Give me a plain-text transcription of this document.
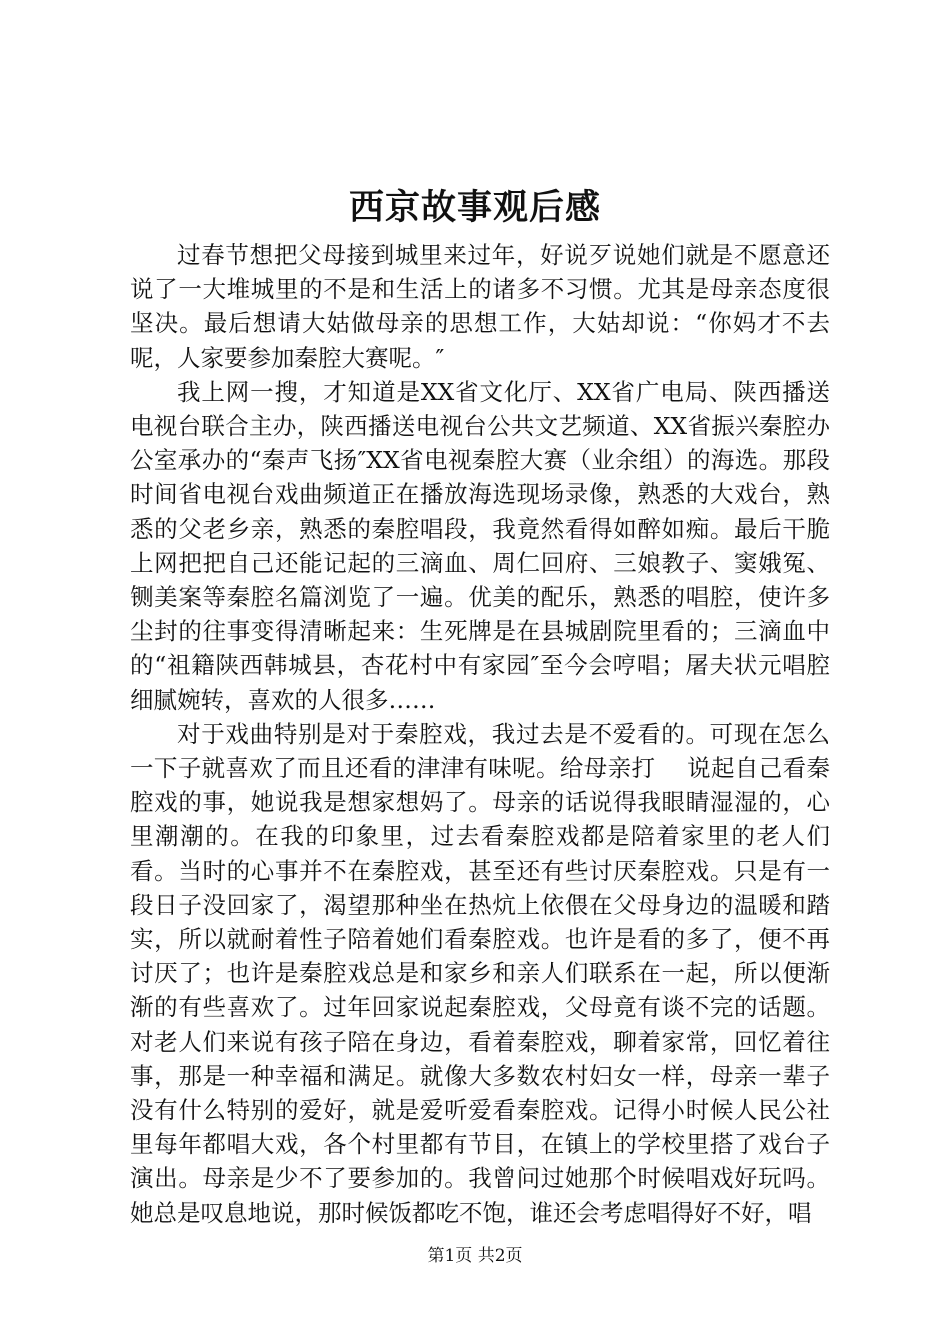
西京故事观后感

过春节想把父母接到城里来过年，好说歹说她们就是不愿意还说了一大堆城里的不是和生活上的诸多不习惯。尤其是母亲态度很坚决。最后想请大姑做母亲的思想工作，大姑却说：“你妈才不去呢，人家要参加秦腔大赛呢。″

我上网一搜，才知道是XX省文化厅、XX省广电局、陕西播送电视台联合主办，陕西播送电视台公共文艺频道、XX省振兴秦腔办公室承办的“秦声飞扬″XX省电视秦腔大赛（业余组）的海选。那段时间省电视台戏曲频道正在播放海选现场录像，熟悉的大戏台，熟悉的父老乡亲，熟悉的秦腔唱段，我竟然看得如醉如痴。最后干脆上网把把自己还能记起的三滴血、周仁回府、三娘教子、窦娥冤、铡美案等秦腔名篇浏览了一遍。优美的配乐，熟悉的唱腔，使许多尘封的往事变得清晰起来：生死牌是在县城剧院里看的；三滴血中的“祖籍陕西韩城县，杏花村中有家园″至今会哼唱；屠夫状元唱腔细腻婉转，喜欢的人很多……

对于戏曲特别是对于秦腔戏，我过去是不爱看的。可现在怎么一下子就喜欢了而且还看的津津有味呢。给母亲打　 说起自己看秦腔戏的事，她说我是想家想妈了。母亲的话说得我眼睛湿湿的，心里潮潮的。在我的印象里，过去看秦腔戏都是陪着家里的老人们看。当时的心事并不在秦腔戏，甚至还有些讨厌秦腔戏。只是有一段日子没回家了，渴望那种坐在热炕上依偎在父母身边的温暖和踏实，所以就耐着性子陪着她们看秦腔戏。也许是看的多了，便不再讨厌了；也许是秦腔戏总是和家乡和亲人们联系在一起，所以便渐渐的有些喜欢了。过年回家说起秦腔戏，父母竟有谈不完的话题。对老人们来说有孩子陪在身边，看着秦腔戏，聊着家常，回忆着往事，那是一种幸福和满足。就像大多数农村妇女一样，母亲一辈子没有什么特别的爱好，就是爱听爱看秦腔戏。记得小时候人民公社里每年都唱大戏，各个村里都有节目，在镇上的学校里搭了戏台子演出。母亲是少不了要参加的。我曾问过她那个时候唱戏好玩吗。她总是叹息地说，那时候饭都吃不饱，谁还会考虑唱得好不好，唱

第1页 共2页
